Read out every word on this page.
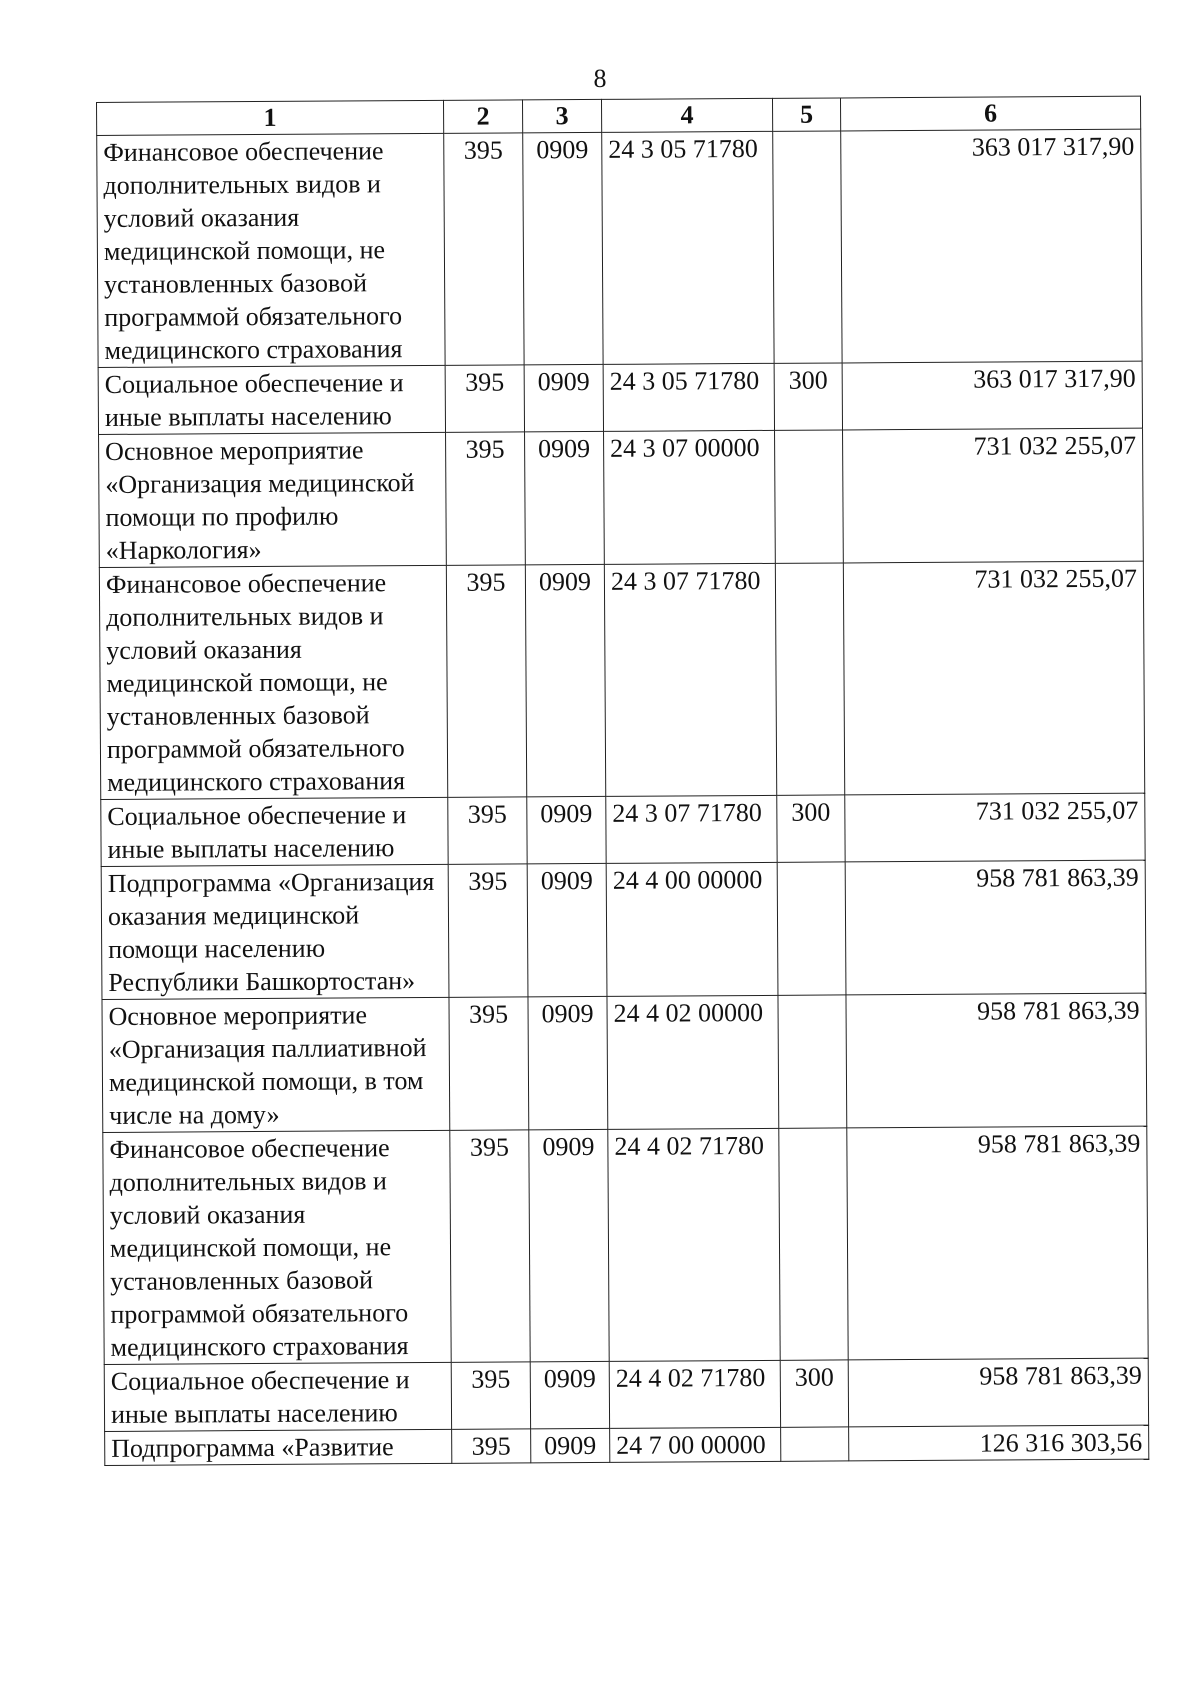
8
1	2	3	4	5	6
Финансовое обеспечение дополнительных видов и условий оказания медицинской помощи, не установленных базовой программой обязательного медицинского страхования	395	0909	24 3 05 71780		363 017 317,90
Социальное обеспечение и иные выплаты населению	395	0909	24 3 05 71780	300	363 017 317,90
Основное мероприятие «Организация медицинской помощи по профилю «Наркология»	395	0909	24 3 07 00000		731 032 255,07
Финансовое обеспечение дополнительных видов и условий оказания медицинской помощи, не установленных базовой программой обязательного медицинского страхования	395	0909	24 3 07 71780		731 032 255,07
Социальное обеспечение и иные выплаты населению	395	0909	24 3 07 71780	300	731 032 255,07
Подпрограмма «Организация оказания медицинской помощи населению Республики Башкортостан»	395	0909	24 4 00 00000		958 781 863,39
Основное мероприятие «Организация паллиативной медицинской помощи, в том числе на дому»	395	0909	24 4 02 00000		958 781 863,39
Финансовое обеспечение дополнительных видов и условий оказания медицинской помощи, не установленных базовой программой обязательного медицинского страхования	395	0909	24 4 02 71780		958 781 863,39
Социальное обеспечение и иные выплаты населению	395	0909	24 4 02 71780	300	958 781 863,39
Подпрограмма «Развитие	395	0909	24 7 00 00000		126 316 303,56
